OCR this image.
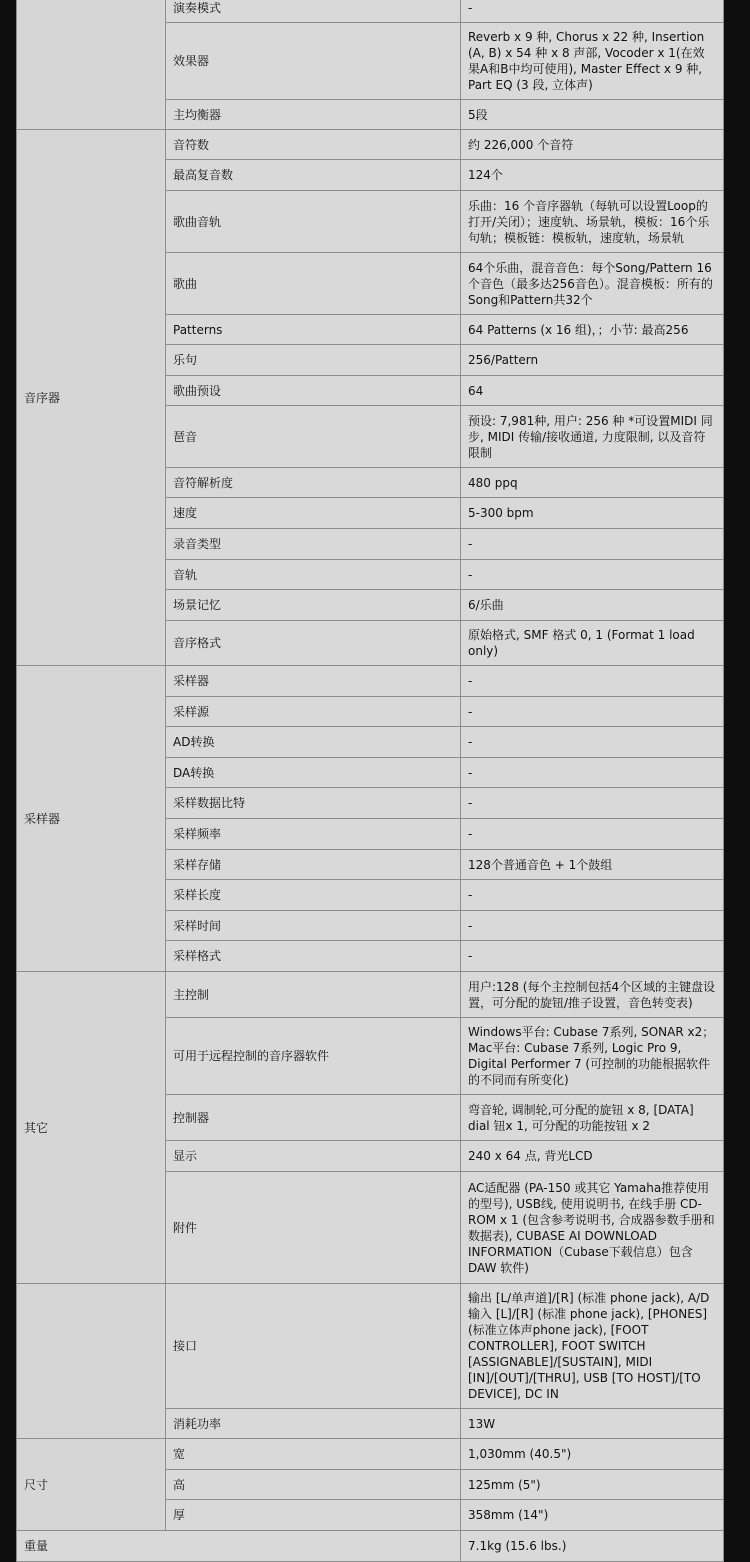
	演奏模式	-
	效果器	Reverb x 9 种, Chorus x 22 种, Insertion (A, B) x 54 种 x 8 声部, Vocoder x 1(在效果A和B中均可使用), Master Effect x 9 种, Part EQ (3 段, 立体声)
	主均衡器	5段
音序器	音符数	约 226,000 个音符
	最高复音数	124个
	歌曲音轨	乐曲：16 个音序器轨（每轨可以设置Loop的打开/关闭）；速度轨、场景轨，模板：16个乐句轨；模板链：模板轨，速度轨，场景轨
	歌曲	64个乐曲，混音音色：每个Song/Pattern 16 个音色（最多达256音色）。混音模板：所有的Song和Pattern共32个
	Patterns	64 Patterns (x 16 组)，；小节: 最高256
	乐句	256/Pattern
	歌曲预设	64
	琶音	预设: 7,981种, 用户: 256 种 *可设置MIDI 同步, MIDI 传输/接收通道, 力度限制, 以及音符限制
	音符解析度	480 ppq
	速度	5-300 bpm
	录音类型	-
	音轨	-
	场景记忆	6/乐曲
	音序格式	原始格式, SMF 格式 0, 1 (Format 1 load only)
采样器	采样器	-
	采样源	-
	AD转换	-
	DA转换	-
	采样数据比特	-
	采样频率	-
	采样存储	128个普通音色 + 1个鼓组
	采样长度	-
	采样时间	-
	采样格式	-
其它	主控制	用户:128 (每个主控制包括4个区域的主键盘设置，可分配的旋钮/推子设置，音色转变表)
	可用于远程控制的音序器软件	Windows平台: Cubase 7系列, SONAR x2；Mac平台: Cubase 7系列, Logic Pro 9, Digital Performer 7 (可控制的功能根据软件的不同而有所变化)
	控制器	弯音轮, 调制轮,可分配的旋钮 x 8, [DATA] dial 钮x 1, 可分配的功能按钮 x 2
	显示	240 x 64 点, 背光LCD
	附件	AC适配器 (PA-150 或其它 Yamaha推荐使用的型号), USB线, 使用说明书, 在线手册 CD-ROM x 1 (包含参考说明书, 合成器参数手册和数据表), CUBASE AI DOWNLOAD INFORMATION（Cubase下载信息）包含DAW 软件)
	接口	输出 [L/单声道]/[R] (标准 phone jack), A/D 输入 [L]/[R] (标准 phone jack), [PHONES] (标准立体声phone jack), [FOOT CONTROLLER], FOOT SWITCH [ASSIGNABLE]/[SUSTAIN], MIDI [IN]/[OUT]/[THRU], USB [TO HOST]/[TO DEVICE], DC IN
	消耗功率	13W
尺寸	宽	1,030mm (40.5")
	高	125mm (5")
	厚	358mm (14")
重量		7.1kg (15.6 lbs.)
